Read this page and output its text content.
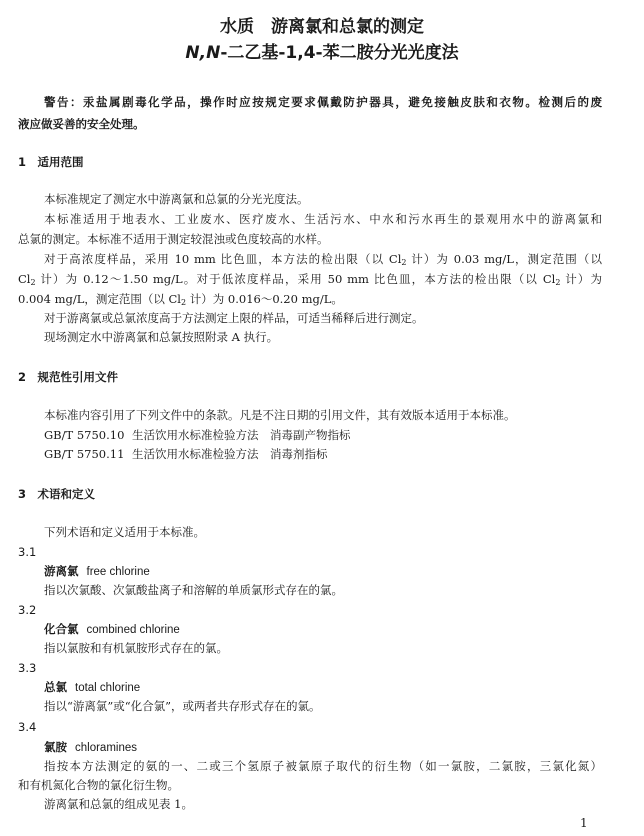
水质　游离氯和总氯的测定
N,N-二乙基-1,4-苯二胺分光光度法
警告：汞盐属剧毒化学品，操作时应按规定要求佩戴防护器具，避免接触皮肤和衣物。检测后的废
液应做妥善的安全处理。
1　适用范围
本标准规定了测定水中游离氯和总氯的分光光度法。
本标准适用于地表水、工业废水、医疗废水、生活污水、中水和污水再生的景观用水中的游离氯和
总氯的测定。本标准不适用于测定较混浊或色度较高的水样。
对于高浓度样品，采用 10 mm 比色皿，本方法的检出限（以 $Cl_2$ 计）为 0.03 mg/L，测定范围（以
$Cl_2$ 计）为 0.12～1.50 mg/L。对于低浓度样品，采用 50 mm 比色皿，本方法的检出限（以 $Cl_2$ 计）为
0.004 mg/L，测定范围（以 $Cl_2$ 计）为 0.016～0.20 mg/L。
对于游离氯或总氯浓度高于方法测定上限的样品，可适当稀释后进行测定。
现场测定水中游离氯和总氯按照附录 A 执行。
2　规范性引用文件
本标准内容引用了下列文件中的条款。凡是不注日期的引用文件，其有效版本适用于本标准。
GB/T 5750.10 生活饮用水标准检验方法　消毒副产物指标
GB/T 5750.11 生活饮用水标准检验方法　消毒剂指标
3　术语和定义
下列术语和定义适用于本标准。
3.1
游离氯 free chlorine
指以次氯酸、次氯酸盐离子和溶解的单质氯形式存在的氯。
3.2
化合氯 combined chlorine
指以氯胺和有机氯胺形式存在的氯。
3.3
总氯 total chlorine
指以“游离氯”或“化合氯”，或两者共存形式存在的氯。
3.4
氯胺 chloramines
指按本方法测定的氨的一、二或三个氢原子被氯原子取代的衍生物（如一氯胺，二氯胺，三氯化氮）
和有机氮化合物的氯化衍生物。
游离氯和总氯的组成见表 1。
1
